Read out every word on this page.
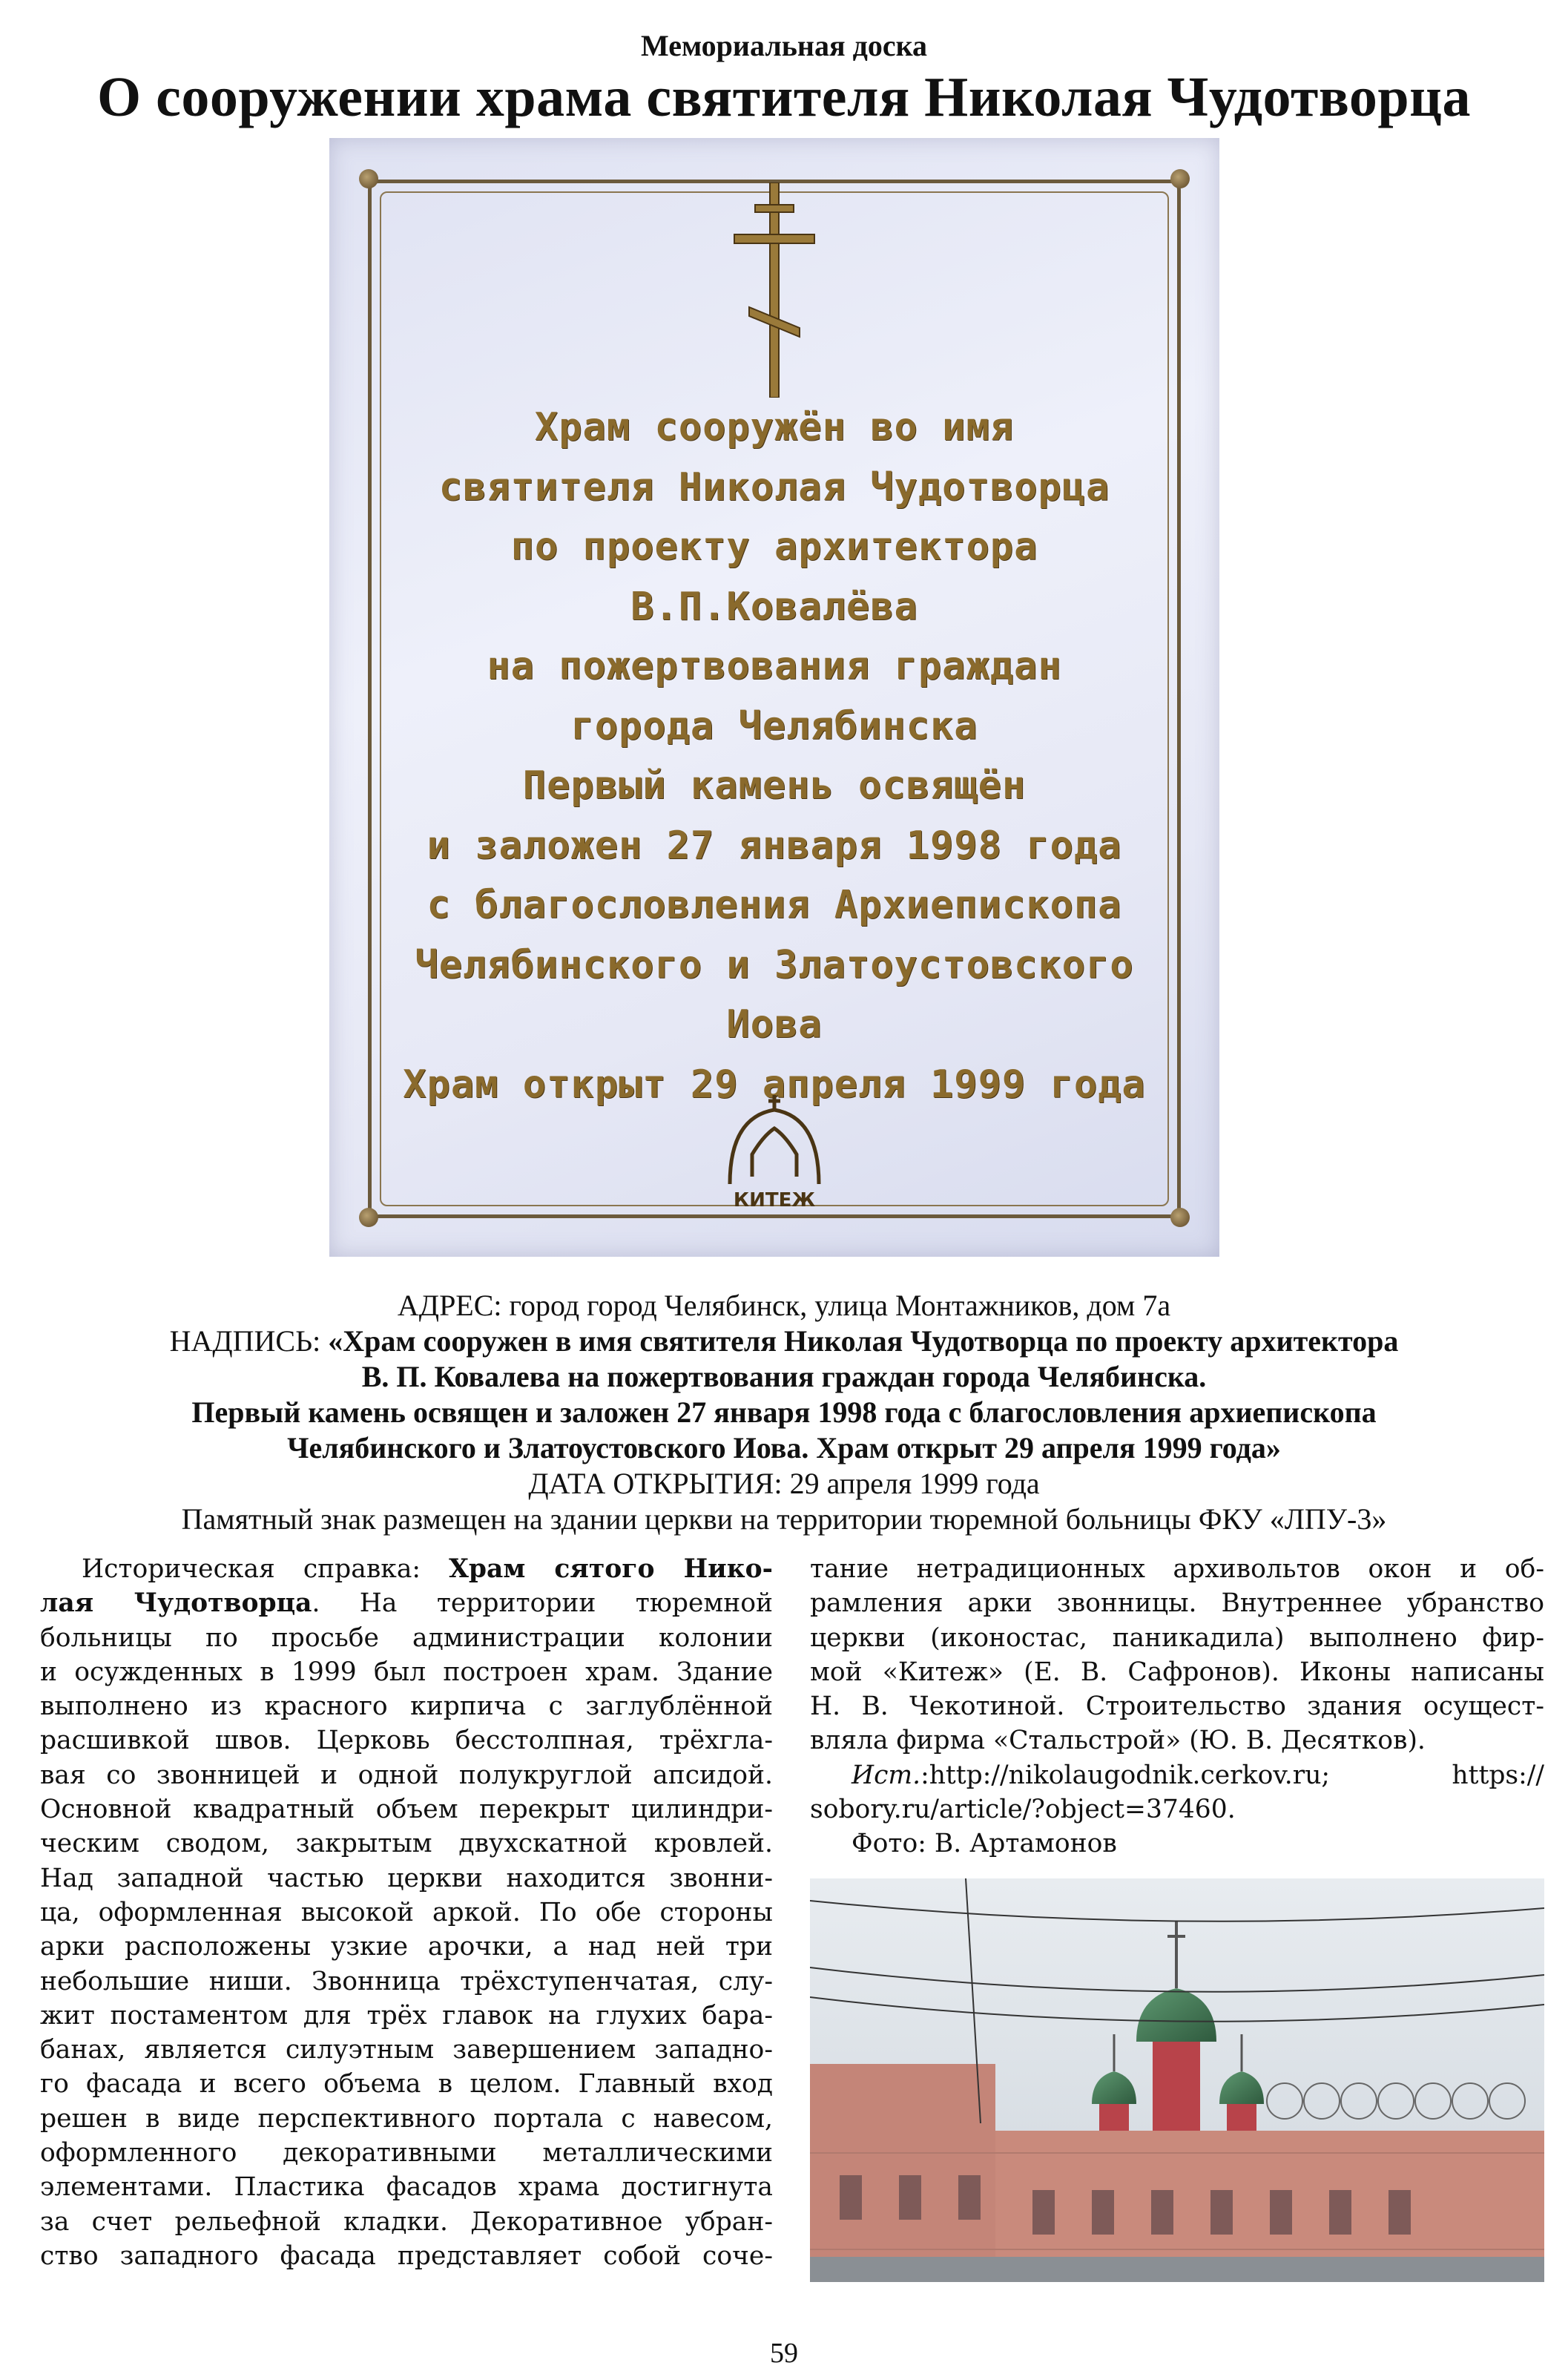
Мемориальная доска
О сооружении храма святителя Николая Чудотворца
Храм сооружён во имя
святителя Николая Чудотворца
по проекту архитектора
В.П.Ковалёва
на пожертвования граждан
города Челябинска
Первый камень освящён
и заложен 27 января 1998 года
с благословления Архиепископа
Челябинского и Златоустовского
Иова
Храм открыт 29 апреля 1999 года
КИТЕЖ
АДРЕС: город город Челябинск, улица Монтажников, дом 7а
НАДПИСЬ: «Храм сооружен в имя святителя Николая Чудотворца по проекту архитектора
В. П. Ковалева на пожертвования граждан города Челябинска.
Первый камень освящен и заложен 27 января 1998 года с благословления архиепископа
Челябинского и Златоустовского Иова. Храм открыт 29 апреля 1999 года»
ДАТА ОТКРЫТИЯ: 29 апреля 1999 года
Памятный знак размещен на здании церкви на территории тюремной больницы ФКУ «ЛПУ-3»
Историческая справка: Храм сятого Нико-
лая Чудотворца. На территории тюремной
больницы по просьбе администрации колонии
и осужденных в 1999 был построен храм. Здание
выполнено из красного кирпича с заглублённой
расшивкой швов. Церковь бесстолпная, трёхгла-
вая со звонницей и одной полукруглой апсидой.
Основной квадратный объем перекрыт цилиндри-
ческим сводом, закрытым двухскатной кровлей.
Над западной частью церкви находится звонни-
ца, оформленная высокой аркой. По обе стороны
арки расположены узкие арочки, а над ней три
небольшие ниши. Звонница трёхступенчатая, слу-
жит постаментом для трёх главок на глухих бара-
банах, является силуэтным завершением западно-
го фасада и всего объема в целом. Главный вход
решен в виде перспективного портала с навесом,
оформленного декоративными металлическими
элементами. Пластика фасадов храма достигнута
за счет рельефной кладки. Декоративное убран-
ство западного фасада представляет собой соче-
тание нетрадиционных архивольтов окон и об-
рамления арки звонницы. Внутреннее убранство
церкви (иконостас, паникадила) выполнено фир-
мой «Китеж» (Е. В. Сафронов). Иконы написаны
Н. В. Чекотиной. Строительство здания осущест-
вляла фирма «Стальстрой» (Ю. В. Десятков).
Ист.:http://nikolaugodnik.cerkov.ru; https://
sobory.ru/article/?object=37460.
Фото: В. Артамонов
59
